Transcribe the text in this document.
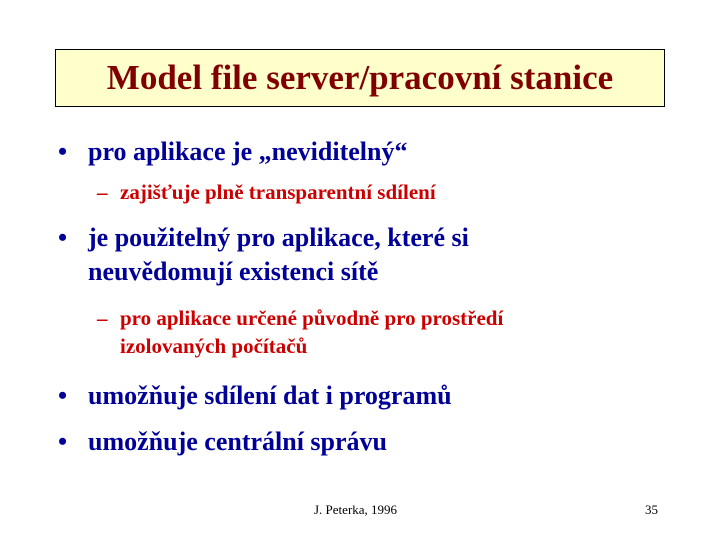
Model file server/pracovní stanice
• pro aplikace je „neviditelný“
– zajišťuje plně transparentní sdílení
• je použitelný pro aplikace, které si
neuvědomují existenci sítě
– pro aplikace určené původně pro prostředí
izolovaných počítačů
• umožňuje sdílení dat i programů
• umožňuje centrální správu
J. Peterka, 1996	35
